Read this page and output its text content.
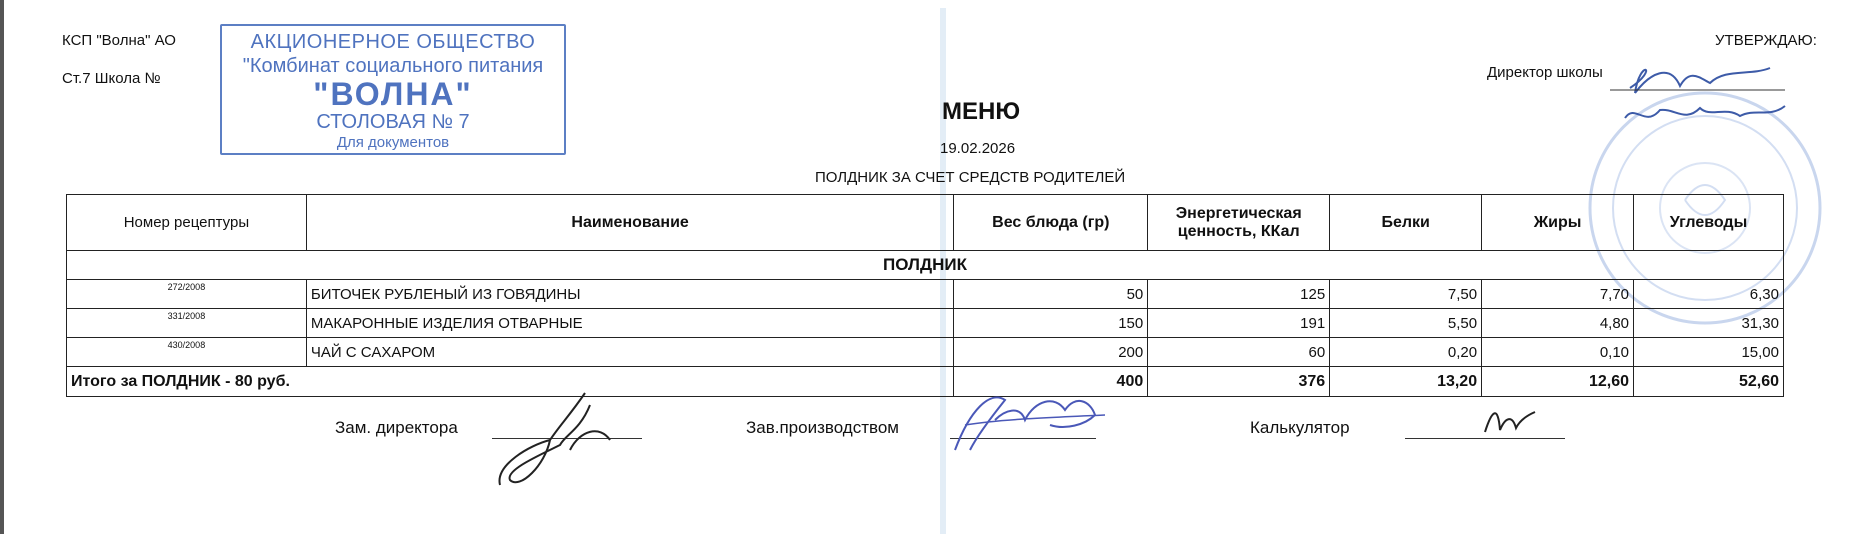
КСП "Волна" АО
Ст.7 Школа №
АКЦИОНЕРНОЕ ОБЩЕСТВО
"Комбинат социального питания
"ВОЛНА"
СТОЛОВАЯ № 7
Для документов
УТВЕРЖДАЮ:
Директор школы
МЕНЮ
19.02.2026
ПОЛДНИК ЗА СЧЕТ СРЕДСТВ РОДИТЕЛЕЙ
Номер рецептуры	Наименование	Вес блюда (гр)	Энергетическая ценность, ККал	Белки	Жиры	Углеводы
ПОЛДНИК						
272/2008	БИТОЧЕК РУБЛЕНЫЙ ИЗ ГОВЯДИНЫ	50	125	7,50	7,70	6,30
331/2008	МАКАРОННЫЕ ИЗДЕЛИЯ ОТВАРНЫЕ	150	191	5,50	4,80	31,30
430/2008	ЧАЙ С САХАРОМ	200	60	0,20	0,10	15,00
Итого за ПОЛДНИК - 80 руб.		400	376	13,20	12,60	52,60
Зам. директора	Зав.производством	Калькулятор
